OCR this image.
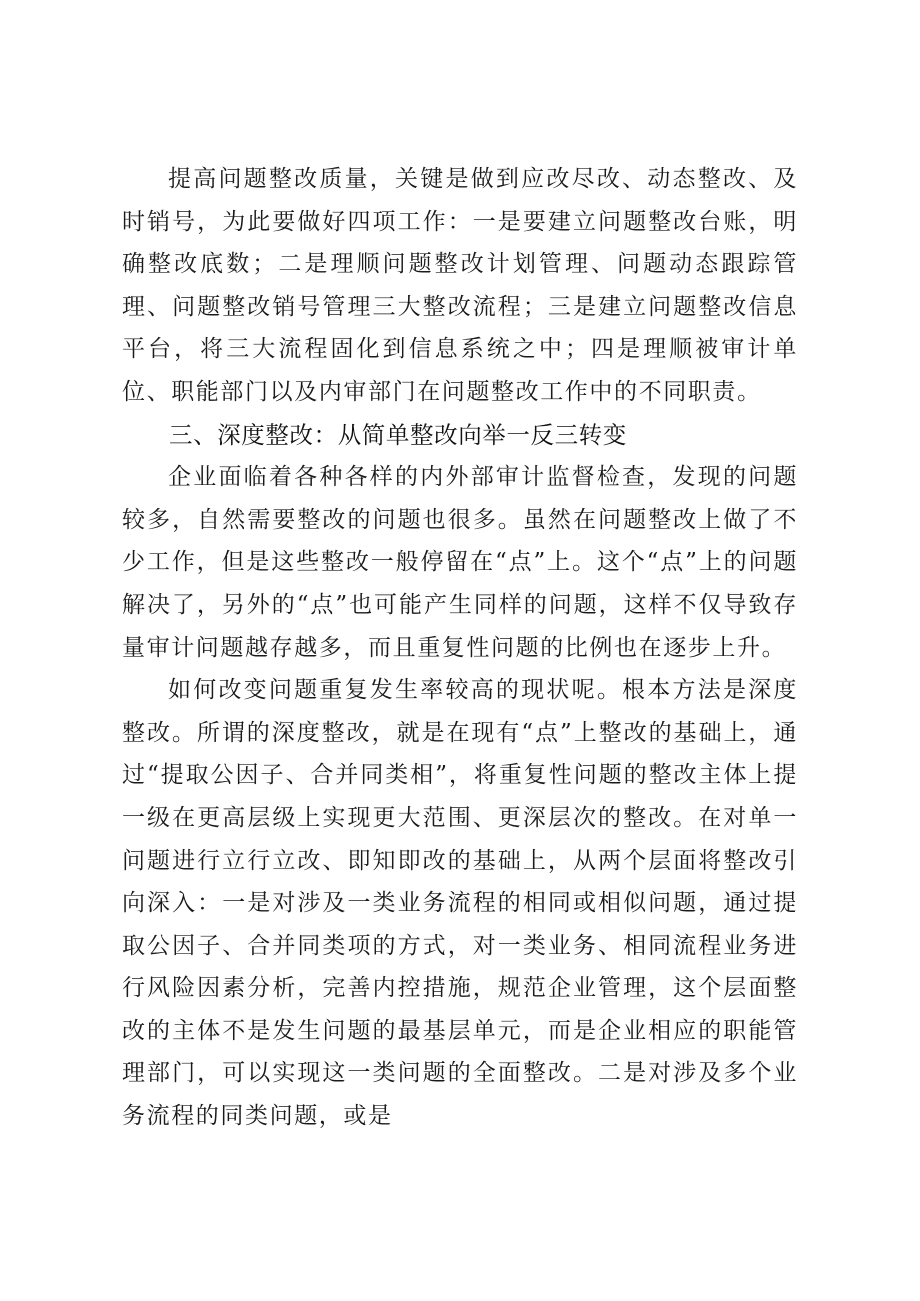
提高问题整改质量，关键是做到应改尽改、动态整改、及时销号，为此要做好四项工作：一是要建立问题整改台账，明确整改底数；二是理顺问题整改计划管理、问题动态跟踪管理、问题整改销号管理三大整改流程；三是建立问题整改信息平台，将三大流程固化到信息系统之中；四是理顺被审计单位、职能部门以及内审部门在问题整改工作中的不同职责。

三、深度整改：从简单整改向举一反三转变

企业面临着各种各样的内外部审计监督检查，发现的问题较多，自然需要整改的问题也很多。虽然在问题整改上做了不少工作，但是这些整改一般停留在“点”上。这个“点”上的问题解决了，另外的“点”也可能产生同样的问题，这样不仅导致存量审计问题越存越多，而且重复性问题的比例也在逐步上升。

如何改变问题重复发生率较高的现状呢。根本方法是深度整改。所谓的深度整改，就是在现有“点”上整改的基础上，通过“提取公因子、合并同类相”，将重复性问题的整改主体上提一级在更高层级上实现更大范围、更深层次的整改。在对单一问题进行立行立改、即知即改的基础上，从两个层面将整改引向深入：一是对涉及一类业务流程的相同或相似问题，通过提取公因子、合并同类项的方式，对一类业务、相同流程业务进行风险因素分析，完善内控措施，规范企业管理，这个层面整改的主体不是发生问题的最基层单元，而是企业相应的职能管理部门，可以实现这一类问题的全面整改。二是对涉及多个业务流程的同类问题，或是
